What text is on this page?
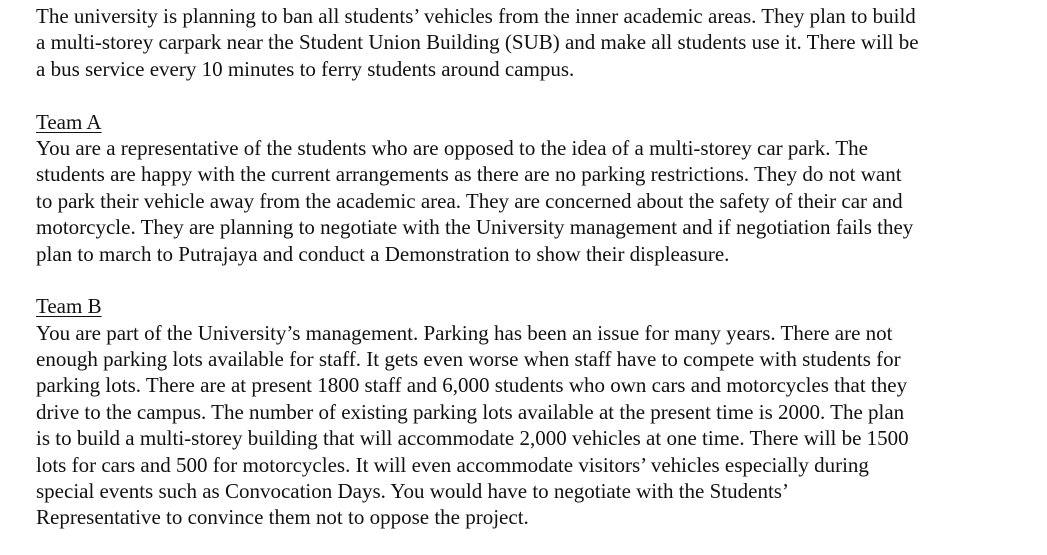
The university is planning to ban all students’ vehicles from the inner academic areas. They plan to build
a multi-storey carpark near the Student Union Building (SUB) and make all students use it. There will be
a bus service every 10 minutes to ferry students around campus.
Team A
You are a representative of the students who are opposed to the idea of a multi-storey car park. The
students are happy with the current arrangements as there are no parking restrictions. They do not want
to park their vehicle away from the academic area. They are concerned about the safety of their car and
motorcycle. They are planning to negotiate with the University management and if negotiation fails they
plan to march to Putrajaya and conduct a Demonstration to show their displeasure.
Team B
You are part of the University’s management. Parking has been an issue for many years. There are not
enough parking lots available for staff. It gets even worse when staff have to compete with students for
parking lots. There are at present 1800 staff and 6,000 students who own cars and motorcycles that they
drive to the campus. The number of existing parking lots available at the present time is 2000. The plan
is to build a multi-storey building that will accommodate 2,000 vehicles at one time. There will be 1500
lots for cars and 500 for motorcycles. It will even accommodate visitors’ vehicles especially during
special events such as Convocation Days. You would have to negotiate with the Students’
Representative to convince them not to oppose the project.
